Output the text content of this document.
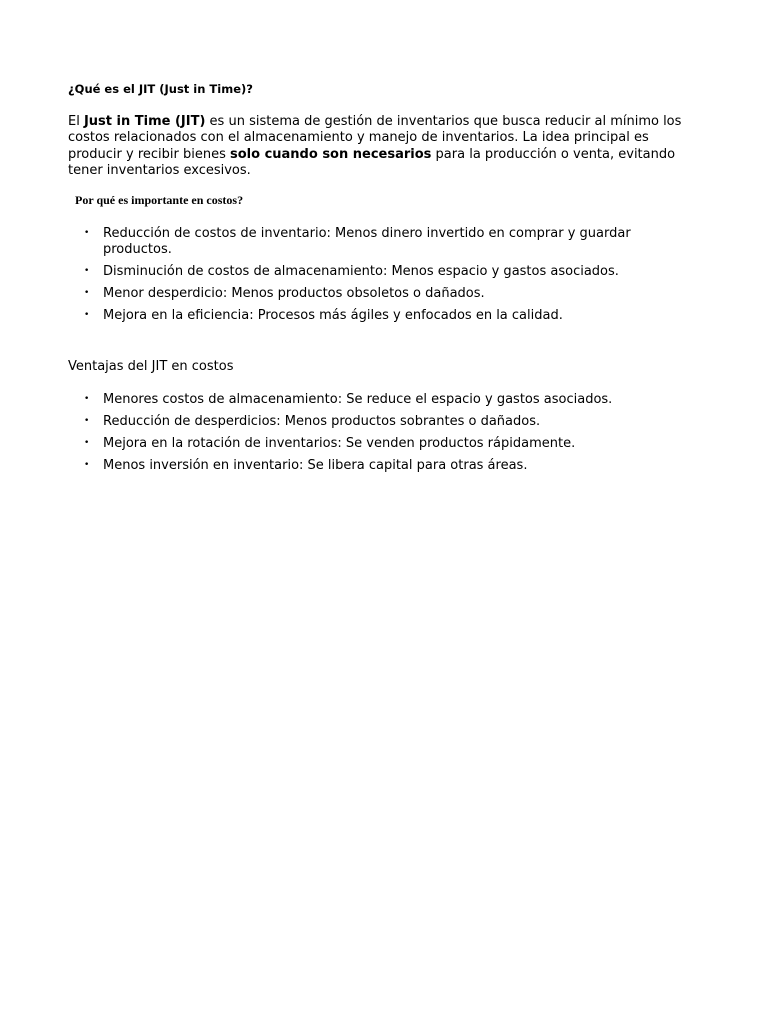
¿Qué es el JIT (Just in Time)?

El Just in Time (JIT) es un sistema de gestión de inventarios que busca reducir al mínimo los costos relacionados con el almacenamiento y manejo de inventarios. La idea principal es producir y recibir bienes solo cuando son necesarios para la producción o venta, evitando tener inventarios excesivos.

Por qué es importante en costos?
• Reducción de costos de inventario: Menos dinero invertido en comprar y guardar productos.
• Disminución de costos de almacenamiento: Menos espacio y gastos asociados.
• Menor desperdicio: Menos productos obsoletos o dañados.
• Mejora en la eficiencia: Procesos más ágiles y enfocados en la calidad.
Ventajas del JIT en costos
• Menores costos de almacenamiento: Se reduce el espacio y gastos asociados.
• Reducción de desperdicios: Menos productos sobrantes o dañados.
• Mejora en la rotación de inventarios: Se venden productos rápidamente.
• Menos inversión en inventario: Se libera capital para otras áreas.
